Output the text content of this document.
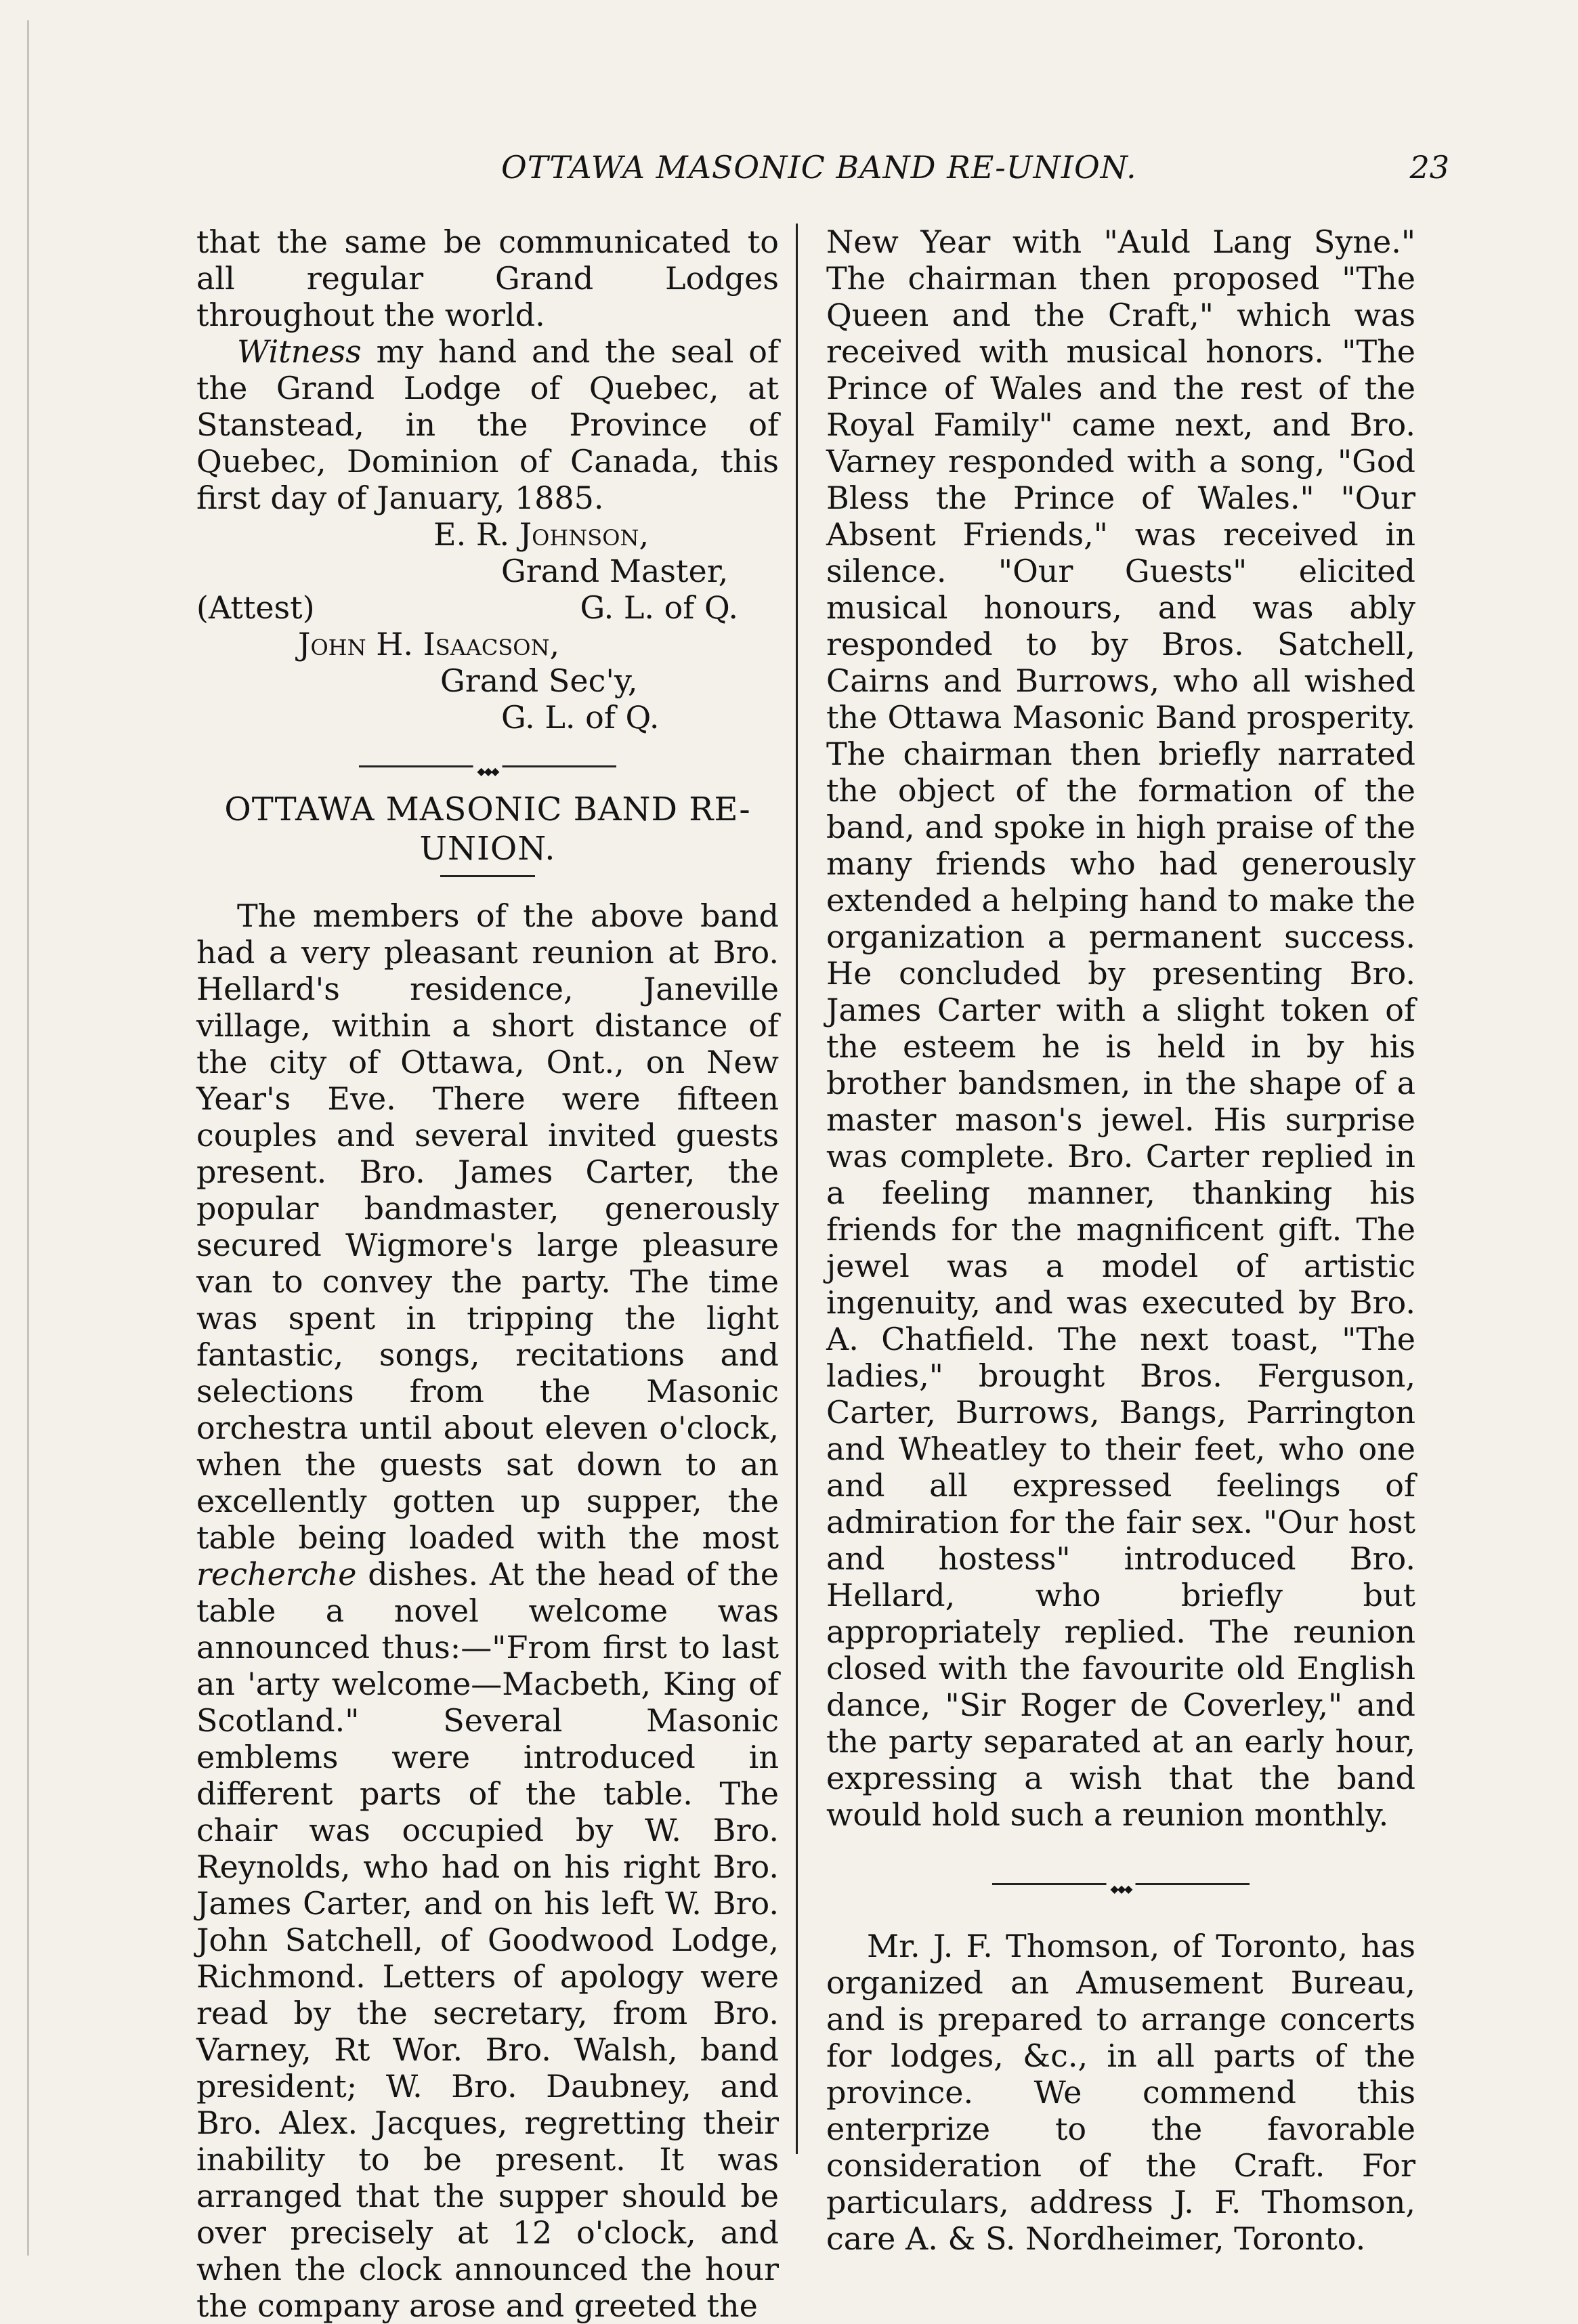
OTTAWA MASONIC BAND RE-UNION.	23

that the same be communicated to all regular Grand Lodges throughout the world.

Witness my hand and the seal of the Grand Lodge of Quebec, at Stanstead, in the Province of Quebec, Dominion of Canada, this first day of January, 1885.

E. R. Johnson,
Grand Master,
(Attest)	G. L. of Q.
John H. Isaacson,
Grand Sec'y,
G. L. of Q.
◆◆◆
OTTAWA MASONIC BAND RE-UNION.

The members of the above band had a very pleasant reunion at Bro. Hellard's residence, Janeville village, within a short distance of the city of Ottawa, Ont., on New Year's Eve. There were fifteen couples and several invited guests present. Bro. James Carter, the popular bandmaster, generously secured Wigmore's large pleasure van to convey the party. The time was spent in tripping the light fantastic, songs, recitations and selections from the Masonic orchestra until about eleven o'clock, when the guests sat down to an excellently gotten up supper, the table being loaded with the most recherche dishes. At the head of the table a novel welcome was announced thus:—"From first to last an 'arty welcome—Macbeth, King of Scotland." Several Masonic emblems were introduced in different parts of the table. The chair was occupied by W. Bro. Reynolds, who had on his right Bro. James Carter, and on his left W. Bro. John Satchell, of Goodwood Lodge, Richmond. Letters of apology were read by the secretary, from Bro. Varney, Rt Wor. Bro. Walsh, band president; W. Bro. Daubney, and Bro. Alex. Jacques, regretting their inability to be present. It was arranged that the supper should be over precisely at 12 o'clock, and when the clock announced the hour the company arose and greeted the

New Year with "Auld Lang Syne." The chairman then proposed "The Queen and the Craft," which was received with musical honors. "The Prince of Wales and the rest of the Royal Family" came next, and Bro. Varney responded with a song, "God Bless the Prince of Wales." "Our Absent Friends," was received in silence. "Our Guests" elicited musical honours, and was ably responded to by Bros. Satchell, Cairns and Burrows, who all wished the Ottawa Masonic Band prosperity. The chairman then briefly narrated the object of the formation of the band, and spoke in high praise of the many friends who had generously extended a helping hand to make the organization a permanent success. He concluded by presenting Bro. James Carter with a slight token of the esteem he is held in by his brother bandsmen, in the shape of a master mason's jewel. His surprise was complete. Bro. Carter replied in a feeling manner, thanking his friends for the magnificent gift. The jewel was a model of artistic ingenuity, and was executed by Bro. A. Chatfield. The next toast, "The ladies," brought Bros. Ferguson, Carter, Burrows, Bangs, Parrington and Wheatley to their feet, who one and all expressed feelings of admiration for the fair sex. "Our host and hostess" introduced Bro. Hellard, who briefly but appropriately replied. The reunion closed with the favourite old English dance, "Sir Roger de Coverley," and the party separated at an early hour, expressing a wish that the band would hold such a reunion monthly.

◆◆◆

Mr. J. F. Thomson, of Toronto, has organized an Amusement Bureau, and is prepared to arrange concerts for lodges, &c., in all parts of the province. We commend this enterprize to the favorable consideration of the Craft. For particulars, address J. F. Thomson, care A. & S. Nordheimer, Toronto.
